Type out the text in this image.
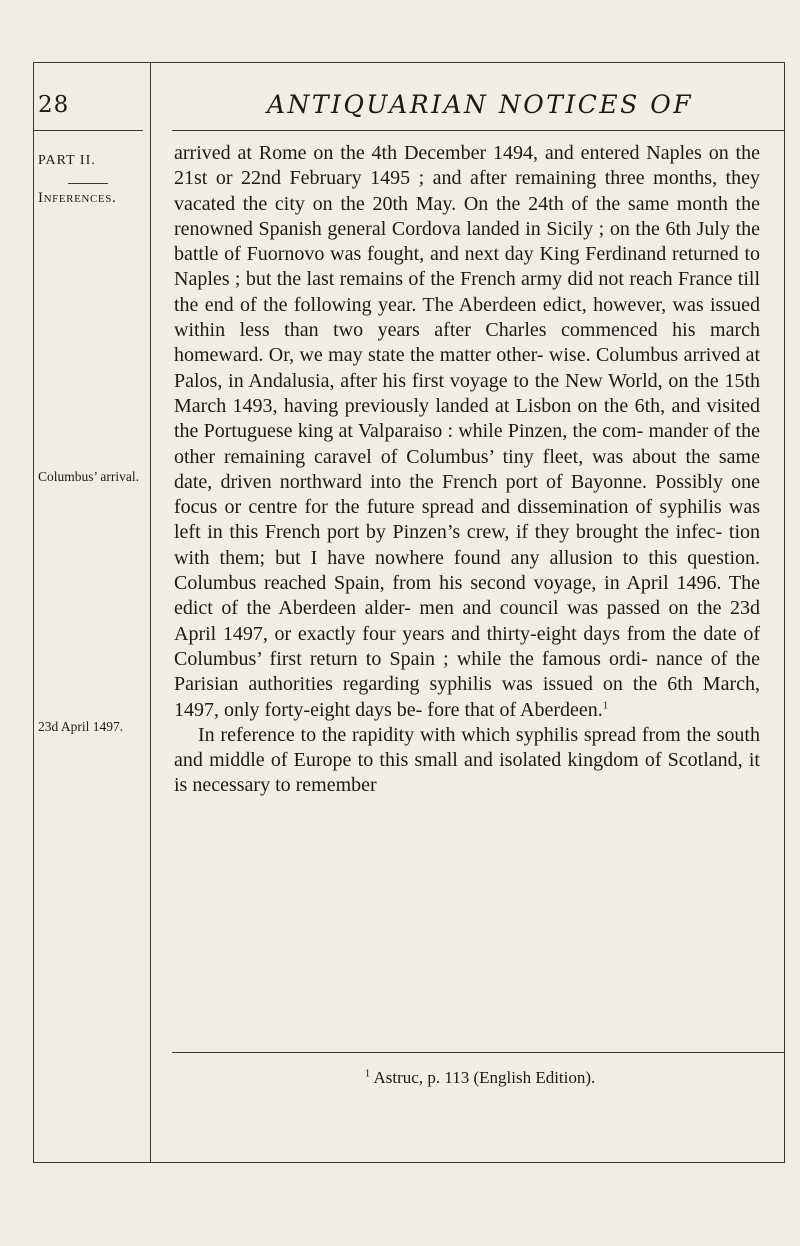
28	ANTIQUARIAN NOTICES OF
PART II.
Inferences.
Columbus’ arrival.
23d April 1497.

arrived at Rome on the 4th December 1494, and entered Naples on the 21st or 22nd February 1495 ; and after remaining three months, they vacated the city on the 20th May. On the 24th of the same month the renowned Spanish general Cordova landed in Sicily ; on the 6th July the battle of Fuornovo was fought, and next day King Ferdinand returned to Naples ; but the last remains of the French army did not reach France till the end of the following year. The Aberdeen edict, however, was issued within less than two years after Charles commenced his march homeward. Or, we may state the matter other- wise. Columbus arrived at Palos, in Andalusia, after his first voyage to the New World, on the 15th March 1493, having previously landed at Lisbon on the 6th, and visited the Portuguese king at Valparaiso : while Pinzen, the com- mander of the other remaining caravel of Columbus’ tiny fleet, was about the same date, driven northward into the French port of Bayonne. Possibly one focus or centre for the future spread and dissemination of syphilis was left in this French port by Pinzen’s crew, if they brought the infec- tion with them; but I have nowhere found any allusion to this question. Columbus reached Spain, from his second voyage, in April 1496. The edict of the Aberdeen alder- men and council was passed on the 23d April 1497, or exactly four years and thirty-eight days from the date of Columbus’ first return to Spain ; while the famous ordi- nance of the Parisian authorities regarding syphilis was issued on the 6th March, 1497, only forty-eight days be- fore that of Aberdeen.$^1$

In reference to the rapidity with which syphilis spread from the south and middle of Europe to this small and isolated kingdom of Scotland, it is necessary to remember

$^1$ Astruc, p. 113 (English Edition).
